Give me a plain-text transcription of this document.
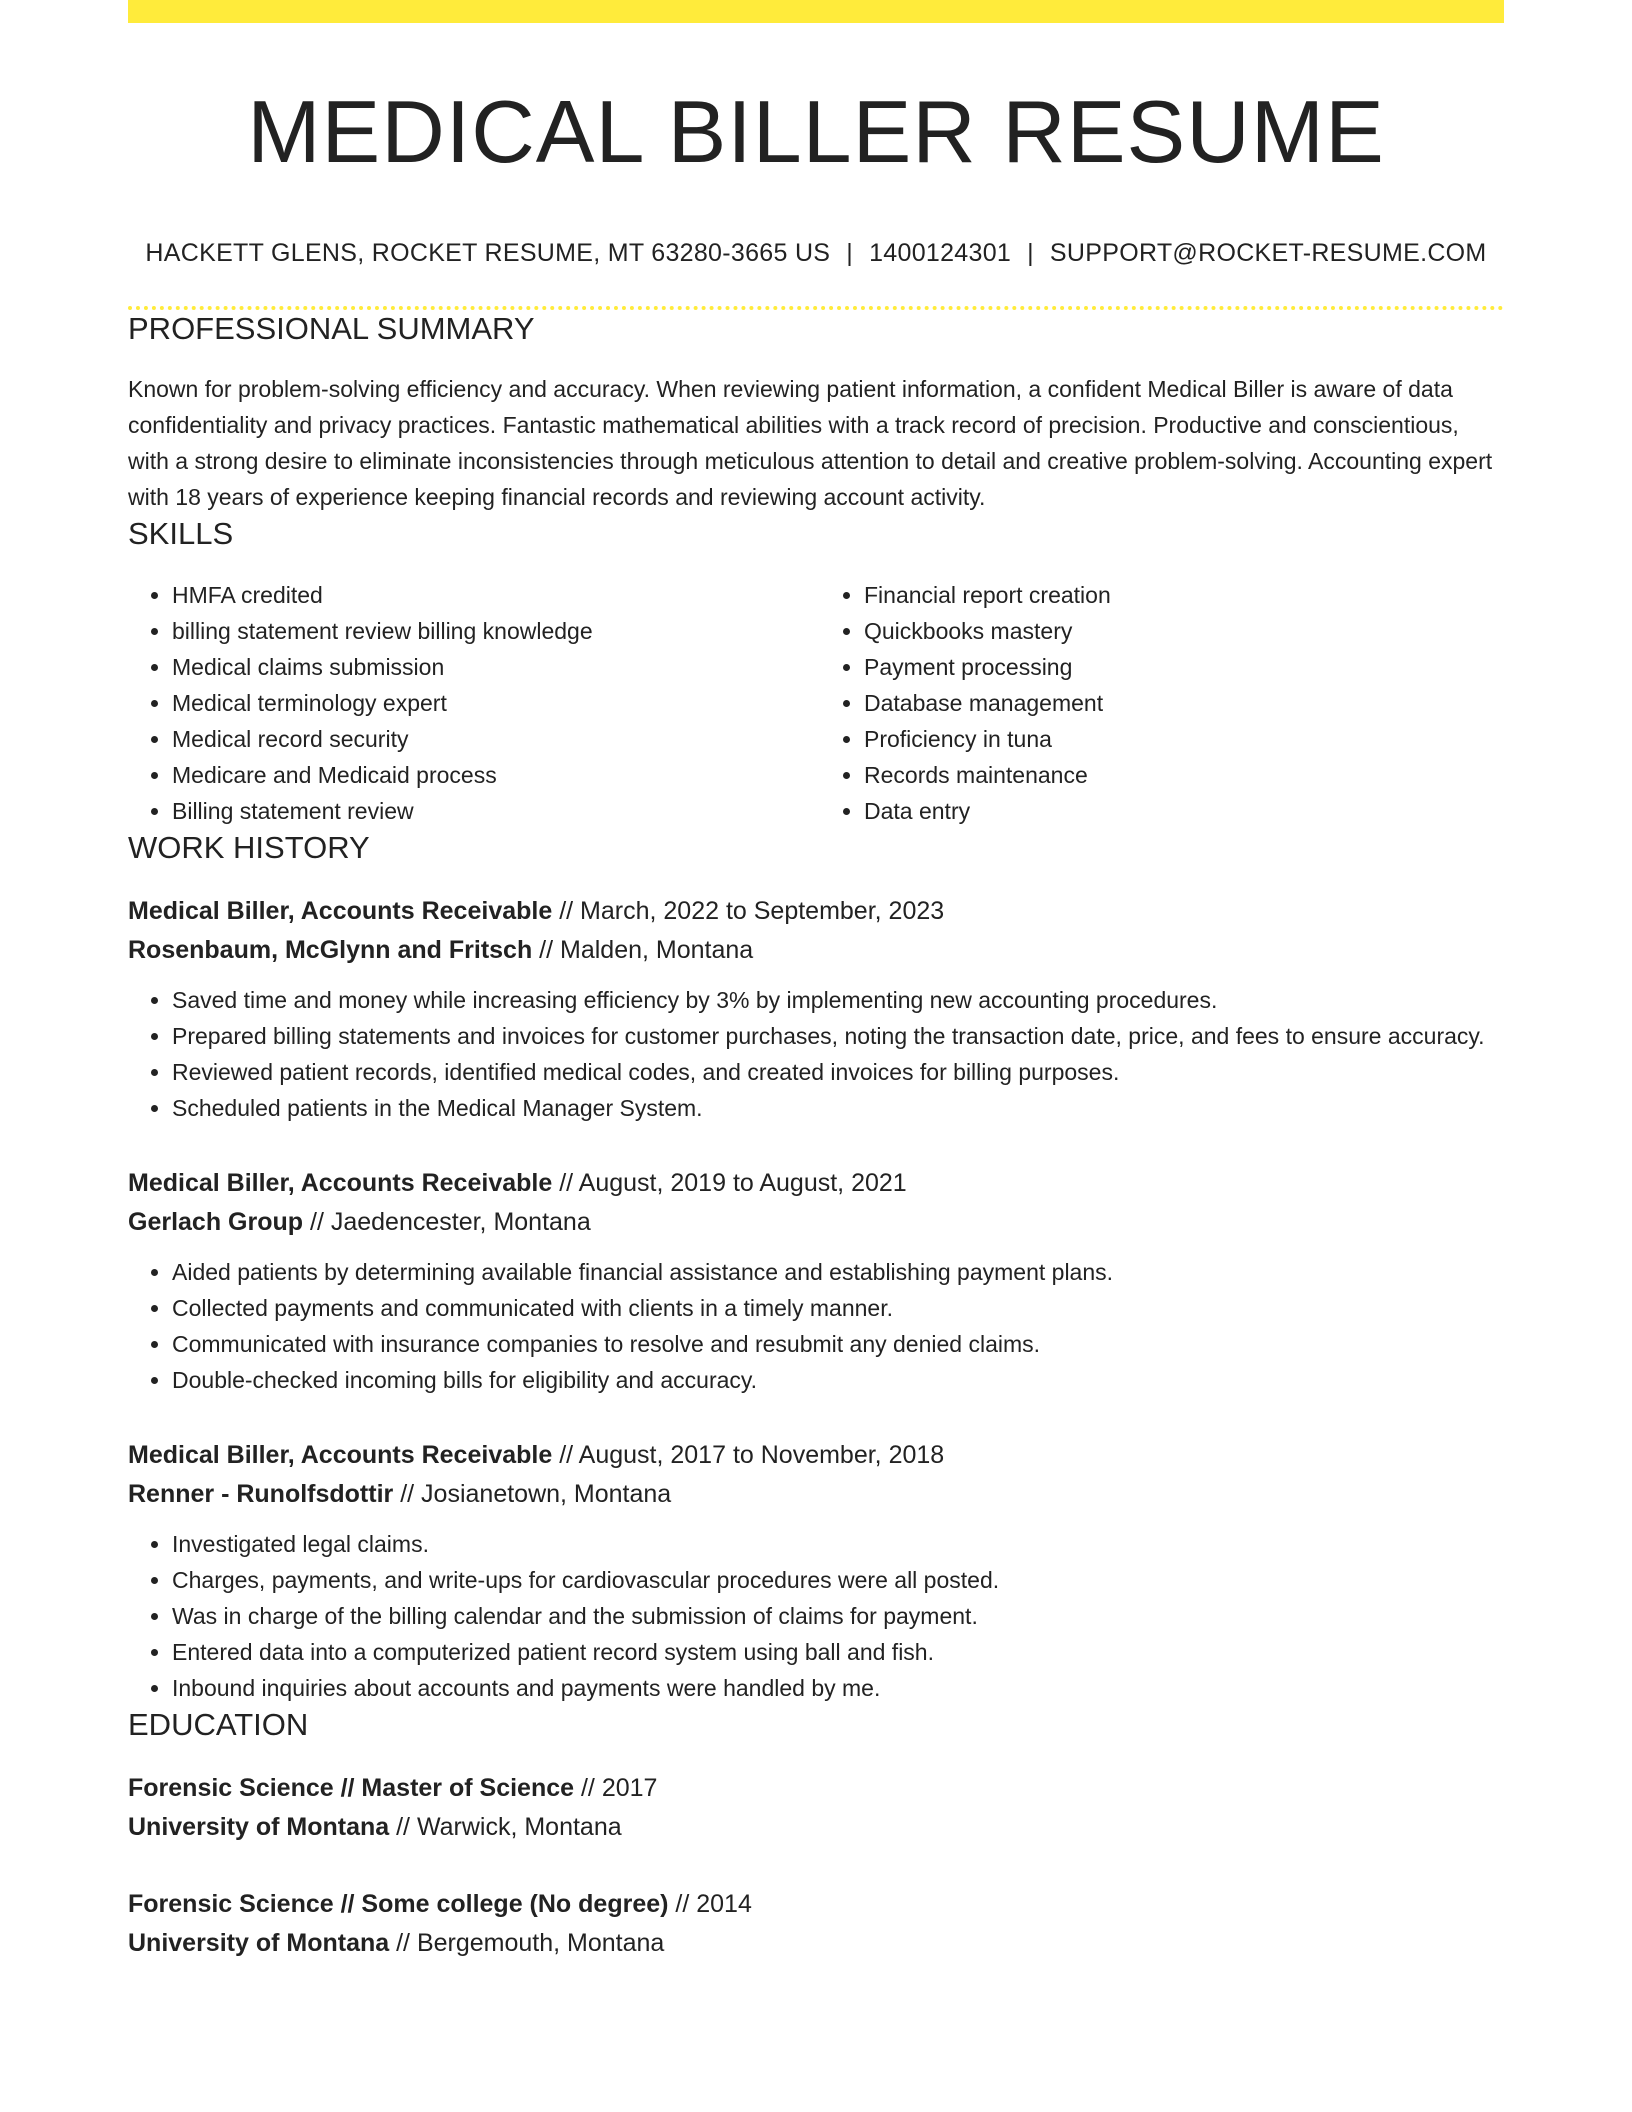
MEDICAL BILLER RESUME
HACKETT GLENS, ROCKET RESUME, MT 63280-3665 US | 1400124301 | SUPPORT@ROCKET-RESUME.COM
PROFESSIONAL SUMMARY

Known for problem-solving efficiency and accuracy. When reviewing patient information, a confident Medical Biller is aware of data confidentiality and privacy practices. Fantastic mathematical abilities with a track record of precision. Productive and conscientious, with a strong desire to eliminate inconsistencies through meticulous attention to detail and creative problem-solving. Accounting expert with 18 years of experience keeping financial records and reviewing account activity.

SKILLS
• HMFA credited
• billing statement review billing knowledge
• Medical claims submission
• Medical terminology expert
• Medical record security
• Medicare and Medicaid process
• Billing statement review
• Financial report creation
• Quickbooks mastery
• Payment processing
• Database management
• Proficiency in tuna
• Records maintenance
• Data entry
WORK HISTORY
Medical Biller, Accounts Receivable // March, 2022 to September, 2023
Rosenbaum, McGlynn and Fritsch // Malden, Montana
• Saved time and money while increasing efficiency by 3% by implementing new accounting procedures.
• Prepared billing statements and invoices for customer purchases, noting the transaction date, price, and fees to ensure accuracy.
• Reviewed patient records, identified medical codes, and created invoices for billing purposes.
• Scheduled patients in the Medical Manager System.
Medical Biller, Accounts Receivable // August, 2019 to August, 2021
Gerlach Group // Jaedencester, Montana
• Aided patients by determining available financial assistance and establishing payment plans.
• Collected payments and communicated with clients in a timely manner.
• Communicated with insurance companies to resolve and resubmit any denied claims.
• Double-checked incoming bills for eligibility and accuracy.
Medical Biller, Accounts Receivable // August, 2017 to November, 2018
Renner - Runolfsdottir // Josianetown, Montana
• Investigated legal claims.
• Charges, payments, and write-ups for cardiovascular procedures were all posted.
• Was in charge of the billing calendar and the submission of claims for payment.
• Entered data into a computerized patient record system using ball and fish.
• Inbound inquiries about accounts and payments were handled by me.
EDUCATION
Forensic Science // Master of Science // 2017
University of Montana // Warwick, Montana
Forensic Science // Some college (No degree) // 2014
University of Montana // Bergemouth, Montana
